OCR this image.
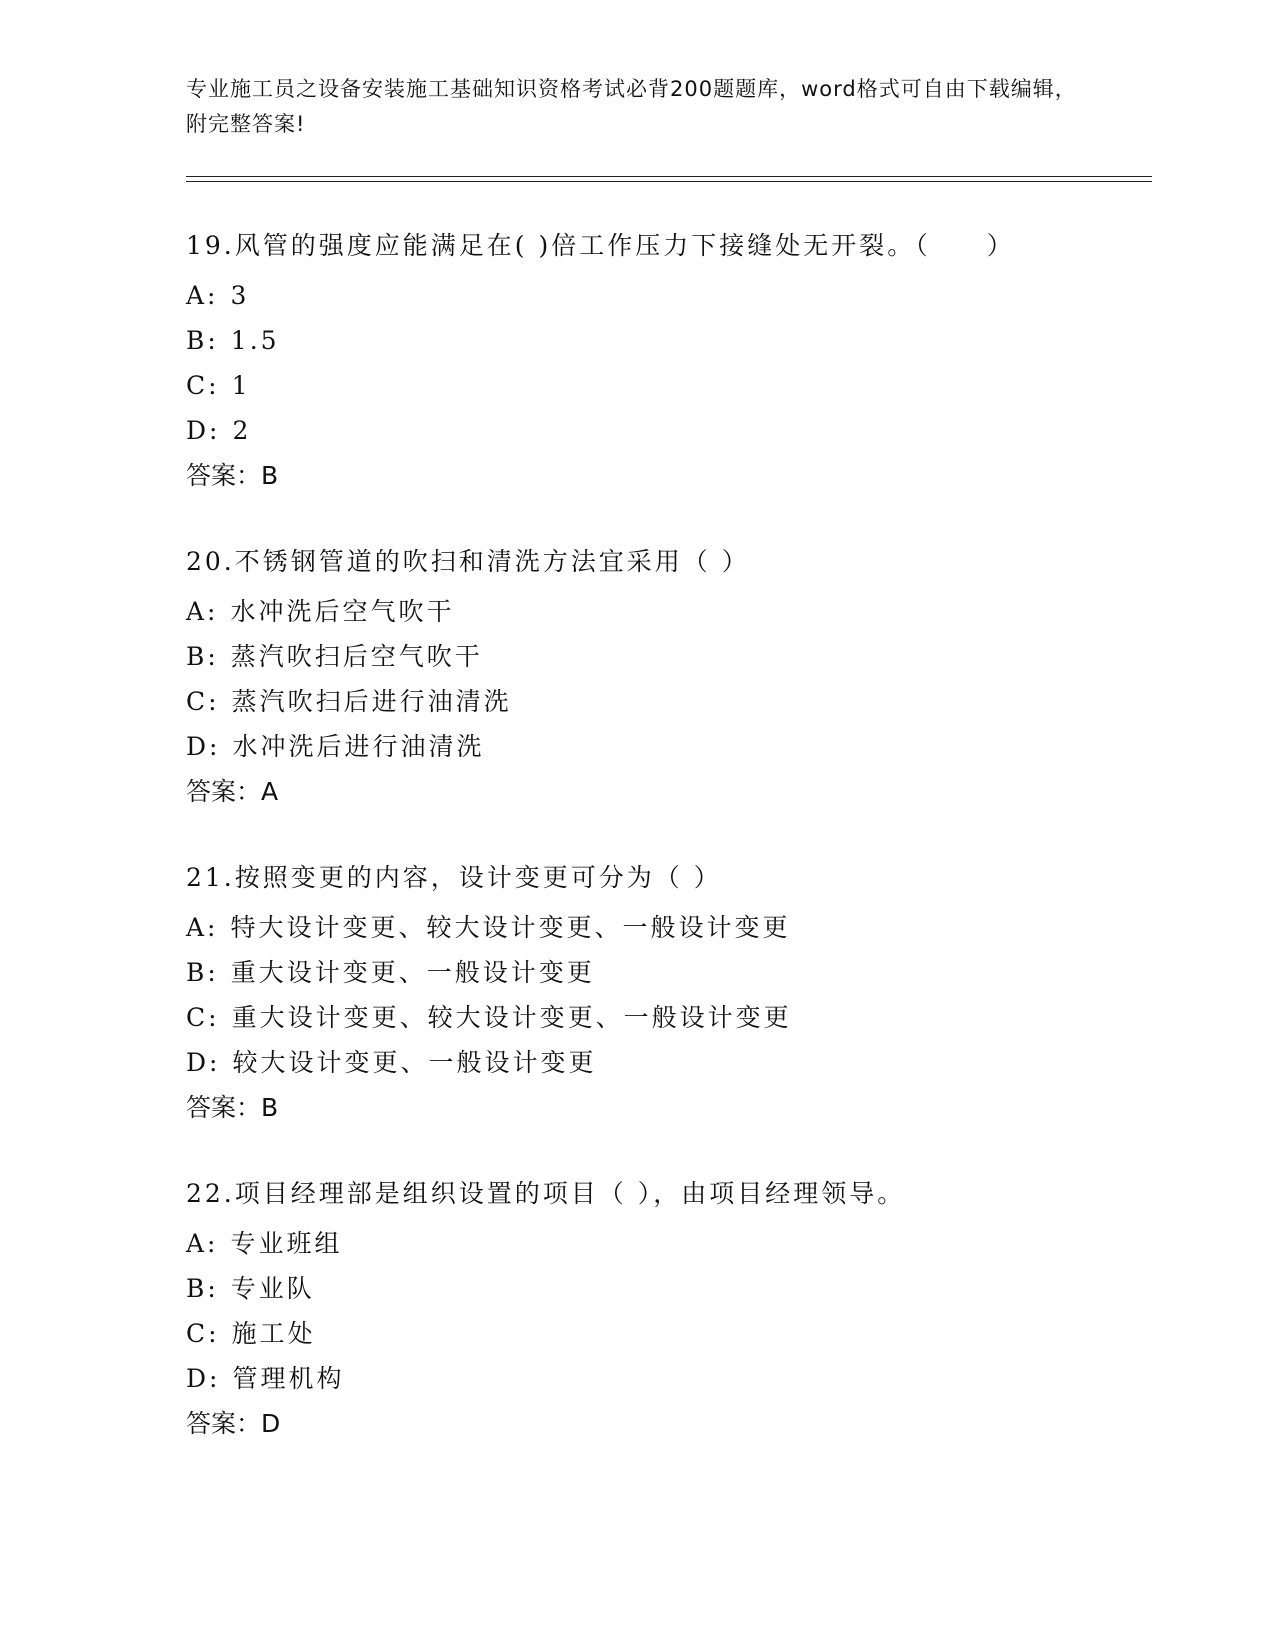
专业施工员之设备安装施工基础知识资格考试必背200题题库，word格式可自由下载编辑，附完整答案!
19.风管的强度应能满足在( )倍工作压力下接缝处无开裂。（　　）
A: 3
B: 1.5
C: 1
D: 2
答案：B
20.不锈钢管道的吹扫和清洗方法宜采用（ ）
A: 水冲洗后空气吹干
B: 蒸汽吹扫后空气吹干
C: 蒸汽吹扫后进行油清洗
D: 水冲洗后进行油清洗
答案：A
21.按照变更的内容，设计变更可分为（ ）
A: 特大设计变更、较大设计变更、一般设计变更
B: 重大设计变更、一般设计变更
C: 重大设计变更、较大设计变更、一般设计变更
D: 较大设计变更、一般设计变更
答案：B
22.项目经理部是组织设置的项目（ ），由项目经理领导。
A: 专业班组
B: 专业队
C: 施工处
D: 管理机构
答案：D
